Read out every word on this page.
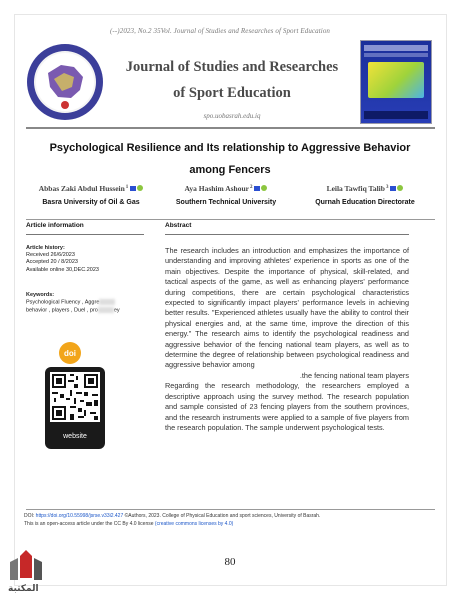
(--)2023, No.2 35Vol. Journal of Studies and Researches of Sport Education
Journal of Studies and Researches
of Sport Education
spo.uobasrah.edu.iq
Psychological Resilience and Its relationship to Aggressive Behavior
among Fencers
Abbas Zaki Abdul Hussein$^1$
Basra University of Oil & Gas
Aya Hashim Ashour$^2$
Southern Technical University
Leila Tawfiq Talib$^3$
Qurnah Education Directorate
Article information	Abstract
Article history:
Received 26/6/2023
Accepted 20 / 8/2023
Available online 30,DEC.2023
Keywords:
Psychological Fluency , Aggre
behavior , players , Duel , pro	ey
doi
website

The research includes an introduction and emphasizes the importance of understanding and improving athletes' experience in sports as one of the main objectives. Despite the importance of physical, skill-related, and tactical aspects of the game, as well as enhancing players' performance during competitions, there are certain psychological characteristics expected to significantly impact players' performance levels in achieving better results. "Experienced athletes usually have the ability to control their physical energies and, at the same time, improve the direction of this energy." The research aims to identify the psychological readiness and aggressive behavior of the fencing national team players, as well as to determine the degree of relationship between psychological readiness and aggressive behavior among

.the fencing national team players

Regarding the research methodology, the researchers employed a descriptive approach using the survey method. The research population and sample consisted of 23 fencing players from the southern provinces, and the research instruments were applied to a sample of five players from the research population. The sample underwent psychological tests.

DOI: https://doi.org/10.55998/jsrse.v33i2.427 ©Authors, 2023. College of Physical Education and sport sciences, University of Basrah.
This is an open-access article under the CC By 4.0 license (creative commons licenses by 4.0)
80
المكتبة
